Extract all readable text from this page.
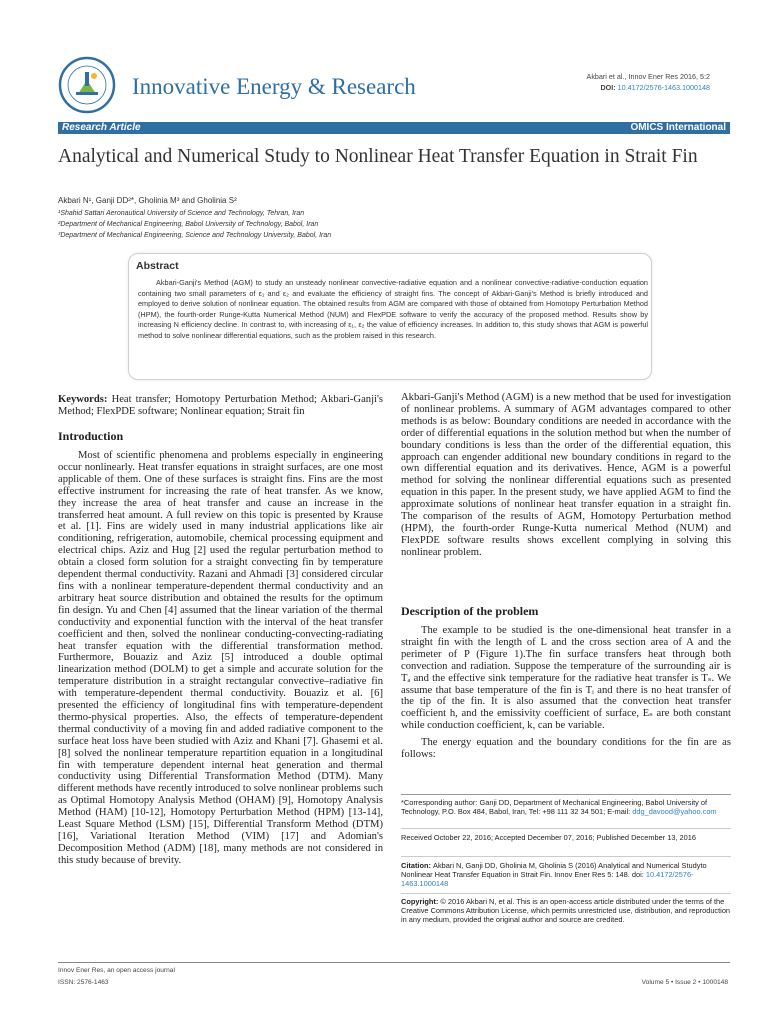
Innovative Energy & Research	Akbari et al., Innov Ener Res 2016, 5:2
DOI: 10.4172/2576-1463.1000148
Research Article	OMICS International
Analytical and Numerical Study to Nonlinear Heat Transfer Equation in Strait Fin
Akbari N¹, Ganji DD²*, Gholinia M³ and Gholinia S²
¹Shahid Sattari Aeronautical University of Science and Technology, Tehran, Iran
²Department of Mechanical Engineering, Babol University of Technology, Babol, Iran
³Department of Mechanical Engineering, Science and Technology University, Babol, Iran
Abstract
Akbari-Ganji's Method (AGM) to study an unsteady nonlinear convective-radiative equation and a nonlinear convective-radiative-conduction equation containing two small parameters of ε₁ and ε₂ and evaluate the efficiency of straight fins. The concept of Akbari-Ganji's Method is briefly introduced and employed to derive solution of nonlinear equation. The obtained results from AGM are compared with those of obtained from Homotopy Perturbation Method (HPM), the fourth-order Runge-Kutta Numerical Method (NUM) and FlexPDE software to verify the accuracy of the proposed method. Results show by increasing N efficiency decline. In contrast to, with increasing of ε₁, ε₂ the value of efficiency increases. In addition to, this study shows that AGM is powerful method to solve nonlinear differential equations, such as the problem raised in this research.
Keywords: Heat transfer; Homotopy Perturbation Method; Akbari-Ganji's Method; FlexPDE software; Nonlinear equation; Strait fin
Introduction

Most of scientific phenomena and problems especially in engineering occur nonlinearly. Heat transfer equations in straight surfaces, are one most applicable of them. One of these surfaces is straight fins. Fins are the most effective instrument for increasing the rate of heat transfer. As we know, they increase the area of heat transfer and cause an increase in the transferred heat amount. A full review on this topic is presented by Krause et al. [1]. Fins are widely used in many industrial applications like air conditioning, refrigeration, automobile, chemical processing equipment and electrical chips. Aziz and Hug [2] used the regular perturbation method to obtain a closed form solution for a straight convecting fin by temperature dependent thermal conductivity. Razani and Ahmadi [3] considered circular fins with a nonlinear temperature-dependent thermal conductivity and an arbitrary heat source distribution and obtained the results for the optimum fin design. Yu and Chen [4] assumed that the linear variation of the thermal conductivity and exponential function with the interval of the heat transfer coefficient and then, solved the nonlinear conducting-convecting-radiating heat transfer equation with the differential transformation method. Furthermore, Bouaziz and Aziz [5] introduced a double optimal linearization method (DOLM) to get a simple and accurate solution for the temperature distribution in a straight rectangular convective–radiative fin with temperature-dependent thermal conductivity. Bouaziz et al. [6] presented the efficiency of longitudinal fins with temperature-dependent thermo-physical properties. Also, the effects of temperature-dependent thermal conductivity of a moving fin and added radiative component to the surface heat loss have been studied with Aziz and Khani [7]. Ghasemi et al. [8] solved the nonlinear temperature repartition equation in a longitudinal fin with temperature dependent internal heat generation and thermal conductivity using Differential Transformation Method (DTM). Many different methods have recently introduced to solve nonlinear problems such as Optimal Homotopy Analysis Method (OHAM) [9], Homotopy Analysis Method (HAM) [10-12], Homotopy Perturbation Method (HPM) [13-14], Least Square Method (LSM) [15], Differential Transform Method (DTM) [16], Variational Iteration Method (VIM) [17] and Adomian's Decomposition Method (ADM) [18], many methods are not considered in this study because of brevity.

Akbari-Ganji's Method (AGM) is a new method that be used for investigation of nonlinear problems. A summary of AGM advantages compared to other methods is as below: Boundary conditions are needed in accordance with the order of differential equations in the solution method but when the number of boundary conditions is less than the order of the differential equation, this approach can engender additional new boundary conditions in regard to the own differential equation and its derivatives. Hence, AGM is a powerful method for solving the nonlinear differential equations such as presented equation in this paper. In the present study, we have applied AGM to find the approximate solutions of nonlinear heat transfer equation in a straight fin. The comparison of the results of AGM, Homotopy Perturbation method (HPM), the fourth-order Runge-Kutta numerical Method (NUM) and FlexPDE software results shows excellent complying in solving this nonlinear problem.

Description of the problem

The example to be studied is the one-dimensional heat transfer in a straight fin with the length of L and the cross section area of A and the perimeter of P (Figure 1).The fin surface transfers heat through both convection and radiation. Suppose the temperature of the surrounding air is Tₐ and the effective sink temperature for the radiative heat transfer is Tₛ. We assume that base temperature of the fin is Tᵢ and there is no heat transfer of the tip of the fin. It is also assumed that the convection heat transfer coefficient h, and the emissivity coefficient of surface, Eₛ are both constant while conduction coefficient, k, can be variable.

The energy equation and the boundary conditions for the fin are as follows:

*Corresponding author: Ganji DD, Department of Mechanical Engineering, Babol University of Technology, P.O. Box 484, Babol, Iran, Tel: +98 111 32 34 501; E-mail: ddg_davood@yahoo.com
Received October 22, 2016; Accepted December 07, 2016; Published December 13, 2016
Citation: Akbari N, Ganji DD, Gholinia M, Gholinia S (2016) Analytical and Numerical Studyto Nonlinear Heat Transfer Equation in Strait Fin. Innov Ener Res 5: 148. doi: 10.4172/2576-1463.1000148
Copyright: © 2016 Akbari N, et al. This is an open-access article distributed under the terms of the Creative Commons Attribution License, which permits unrestricted use, distribution, and reproduction in any medium, provided the original author and source are credited.
Innov Ener Res, an open access journal
ISSN: 2576-1463	Volume 5 • Issue 2 • 1000148
